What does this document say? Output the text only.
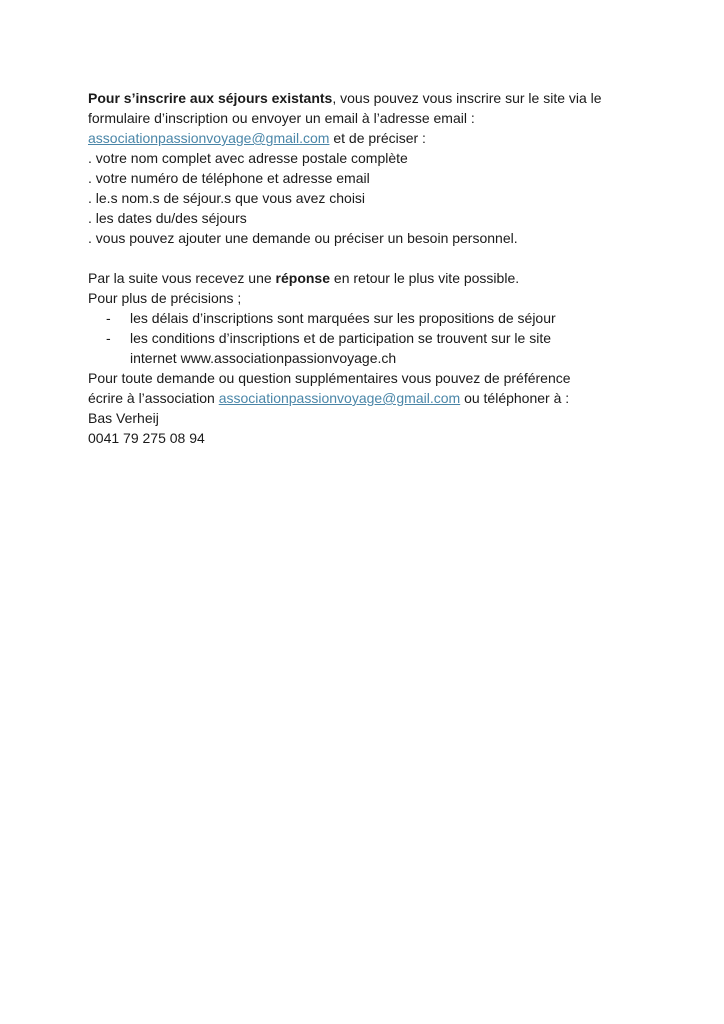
Pour s’inscrire aux séjours existants, vous pouvez vous inscrire sur le site via le
formulaire d’inscription ou envoyer un email à l’adresse email :
associationpassionvoyage@gmail.com et de préciser :
. votre nom complet avec adresse postale complète
. votre numéro de téléphone et adresse email
. le.s nom.s de séjour.s que vous avez choisi
. les dates du/des séjours
. vous pouvez ajouter une demande ou préciser un besoin personnel.
Par la suite vous recevez une réponse en retour le plus vite possible.
Pour plus de précisions ;
- les délais d’inscriptions sont marquées sur les propositions de séjour
- les conditions d’inscriptions et de participation se trouvent sur le site
internet www.associationpassionvoyage.ch
Pour toute demande ou question supplémentaires vous pouvez de préférence
écrire à l’association associationpassionvoyage@gmail.com ou téléphoner à :
Bas Verheij
0041 79 275 08 94
